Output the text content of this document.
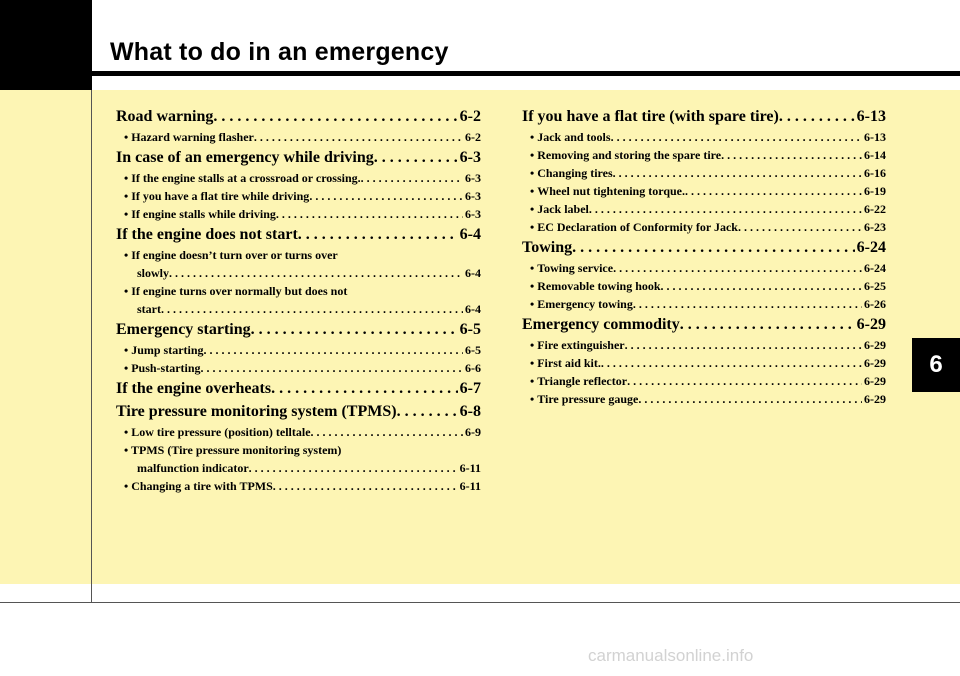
What to do in an emergency
6
Road warning . . .	6-2
• Hazard warning flasher . . .	6-2
In case of an emergency while driving . . .	6-3
• If the engine stalls at a crossroad or crossing. . . .	6-3
• If you have a flat tire while driving . . .	6-3
• If engine stalls while driving . . .	6-3
If the engine does not start . . .	6-4
• If engine doesn’t turn over or turns over
slowly . . .	6-4
• If engine turns over normally but does not
start . . .	6-4
Emergency starting . . .	6-5
• Jump starting . . .	6-5
• Push-starting . . .	6-6
If the engine overheats . . .	6-7
Tire pressure monitoring system (TPMS) . . .	6-8
• Low tire pressure (position) telltale . . .	6-9
• TPMS (Tire pressure monitoring system)
malfunction indicator . . .	6-11
• Changing a tire with TPMS . . .	6-11
If you have a flat tire (with spare tire) . . .	6-13
• Jack and tools . . .	6-13
• Removing and storing the spare tire . . .	6-14
• Changing tires . . .	6-16
• Wheel nut tightening torque. . . .	6-19
• Jack label . . .	6-22
• EC Declaration of Conformity for Jack . . .	6-23
Towing . . .	6-24
• Towing service . . .	6-24
• Removable towing hook . . .	6-25
• Emergency towing . . .	6-26
Emergency commodity . . .	6-29
• Fire extinguisher . . .	6-29
• First aid kit. . . .	6-29
• Triangle reflector . . .	6-29
• Tire pressure gauge . . .	6-29
carmanualsonline.info
